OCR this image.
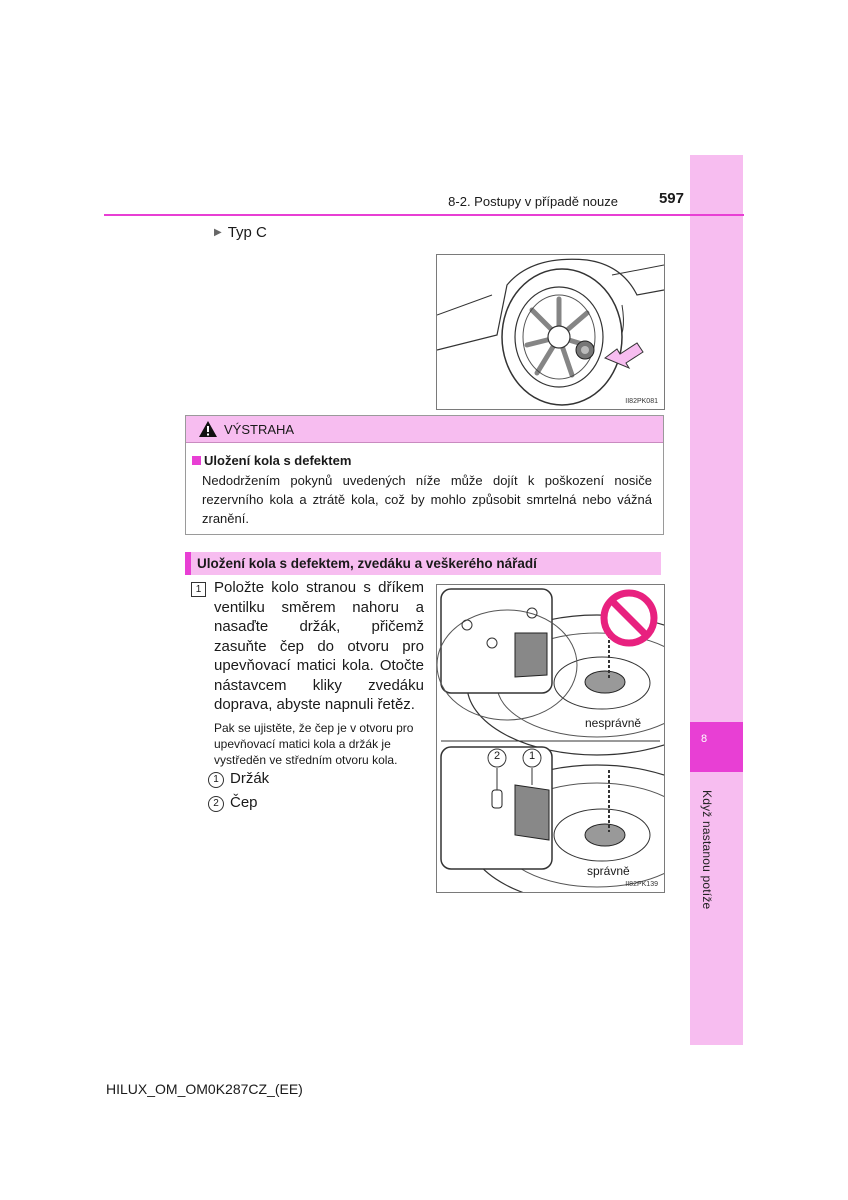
8
Když nastanou potíže
8-2. Postupy v případě nouze	597
▶ Typ C
II82PK081
VÝSTRAHA
Uložení kola s defektem
Nedodržením pokynů uvedených níže může dojít k poškození nosiče rezervního kola a ztrátě kola, což by mohlo způsobit smrtelná nebo vážná zranění.
Uložení kola s defektem, zvedáku a veškerého nářadí
1 Položte kolo stranou s dříkem ventilku směrem nahoru a nasaďte držák, přičemž zasuňte čep do otvoru pro upevňovací matici kola. Otočte nástavcem kliky zvedáku doprava, abyste napnuli řetěz.
Pak se ujistěte, že čep je v otvoru pro upevňovací matici kola a držák je vystředěn ve středním otvoru kola.
1 Držák
2 Čep
2	1
nesprávně
správně
II82PK139
HILUX_OM_OM0K287CZ_(EE)
